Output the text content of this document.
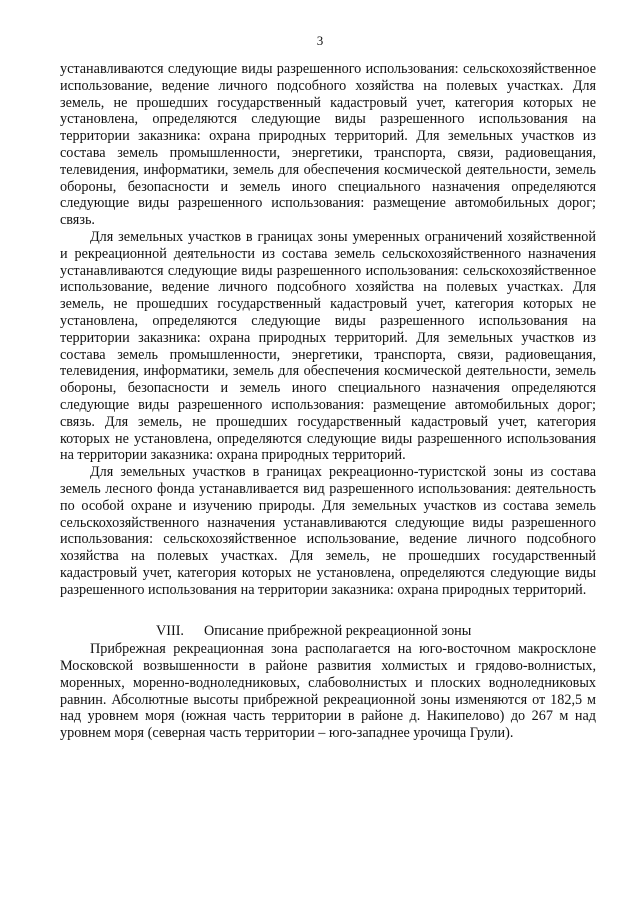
3

устанавливаются следующие виды разрешенного использования: сельскохозяйственное использование, ведение личного подсобного хозяйства на полевых участках. Для земель, не прошедших государственный кадастровый учет, категория которых не установлена, определяются следующие виды разрешенного использования на территории заказника: охрана природных территорий. Для земельных участков из состава земель промышленности, энергетики, транспорта, связи, радиовещания, телевидения, информатики, земель для обеспечения космической деятельности, земель обороны, безопасности и земель иного специального назначения определяются следующие виды разрешенного использования: размещение автомобильных дорог; связь.

Для земельных участков в границах зоны умеренных ограничений хозяйственной и рекреационной деятельности из состава земель сельскохозяйственного назначения устанавливаются следующие виды разрешенного использования: сельскохозяйственное использование, ведение личного подсобного хозяйства на полевых участках. Для земель, не прошедших государственный кадастровый учет, категория которых не установлена, определяются следующие виды разрешенного использования на территории заказника: охрана природных территорий. Для земельных участков из состава земель промышленности, энергетики, транспорта, связи, радиовещания, телевидения, информатики, земель для обеспечения космической деятельности, земель обороны, безопасности и земель иного специального назначения определяются следующие виды разрешенного использования: размещение автомобильных дорог; связь. Для земель, не прошедших государственный кадастровый учет, категория которых не установлена, определяются следующие виды разрешенного использования на территории заказника: охрана природных территорий.

Для земельных участков в границах рекреационно-туристской зоны из состава земель лесного фонда устанавливается вид разрешенного использования: деятельность по особой охране и изучению природы. Для земельных участков из состава земель сельскохозяйственного назначения устанавливаются следующие виды разрешенного использования: сельскохозяйственное использование, ведение личного подсобного хозяйства на полевых участках. Для земель, не прошедших государственный кадастровый учет, категория которых не установлена, определяются следующие виды разрешенного использования на территории заказника: охрана природных территорий.

VIII. Описание прибрежной рекреационной зоны

Прибрежная рекреационная зона располагается на юго-восточном макросклоне Московской возвышенности в районе развития холмистых и грядово-волнистых, моренных, моренно-водноледниковых, слабоволнистых и плоских водноледниковых равнин. Абсолютные высоты прибрежной рекреационной зоны изменяются от 182,5 м над уровнем моря (южная часть территории в районе д. Накипелово) до 267 м над уровнем моря (северная часть территории – юго-западнее урочища Грули).
